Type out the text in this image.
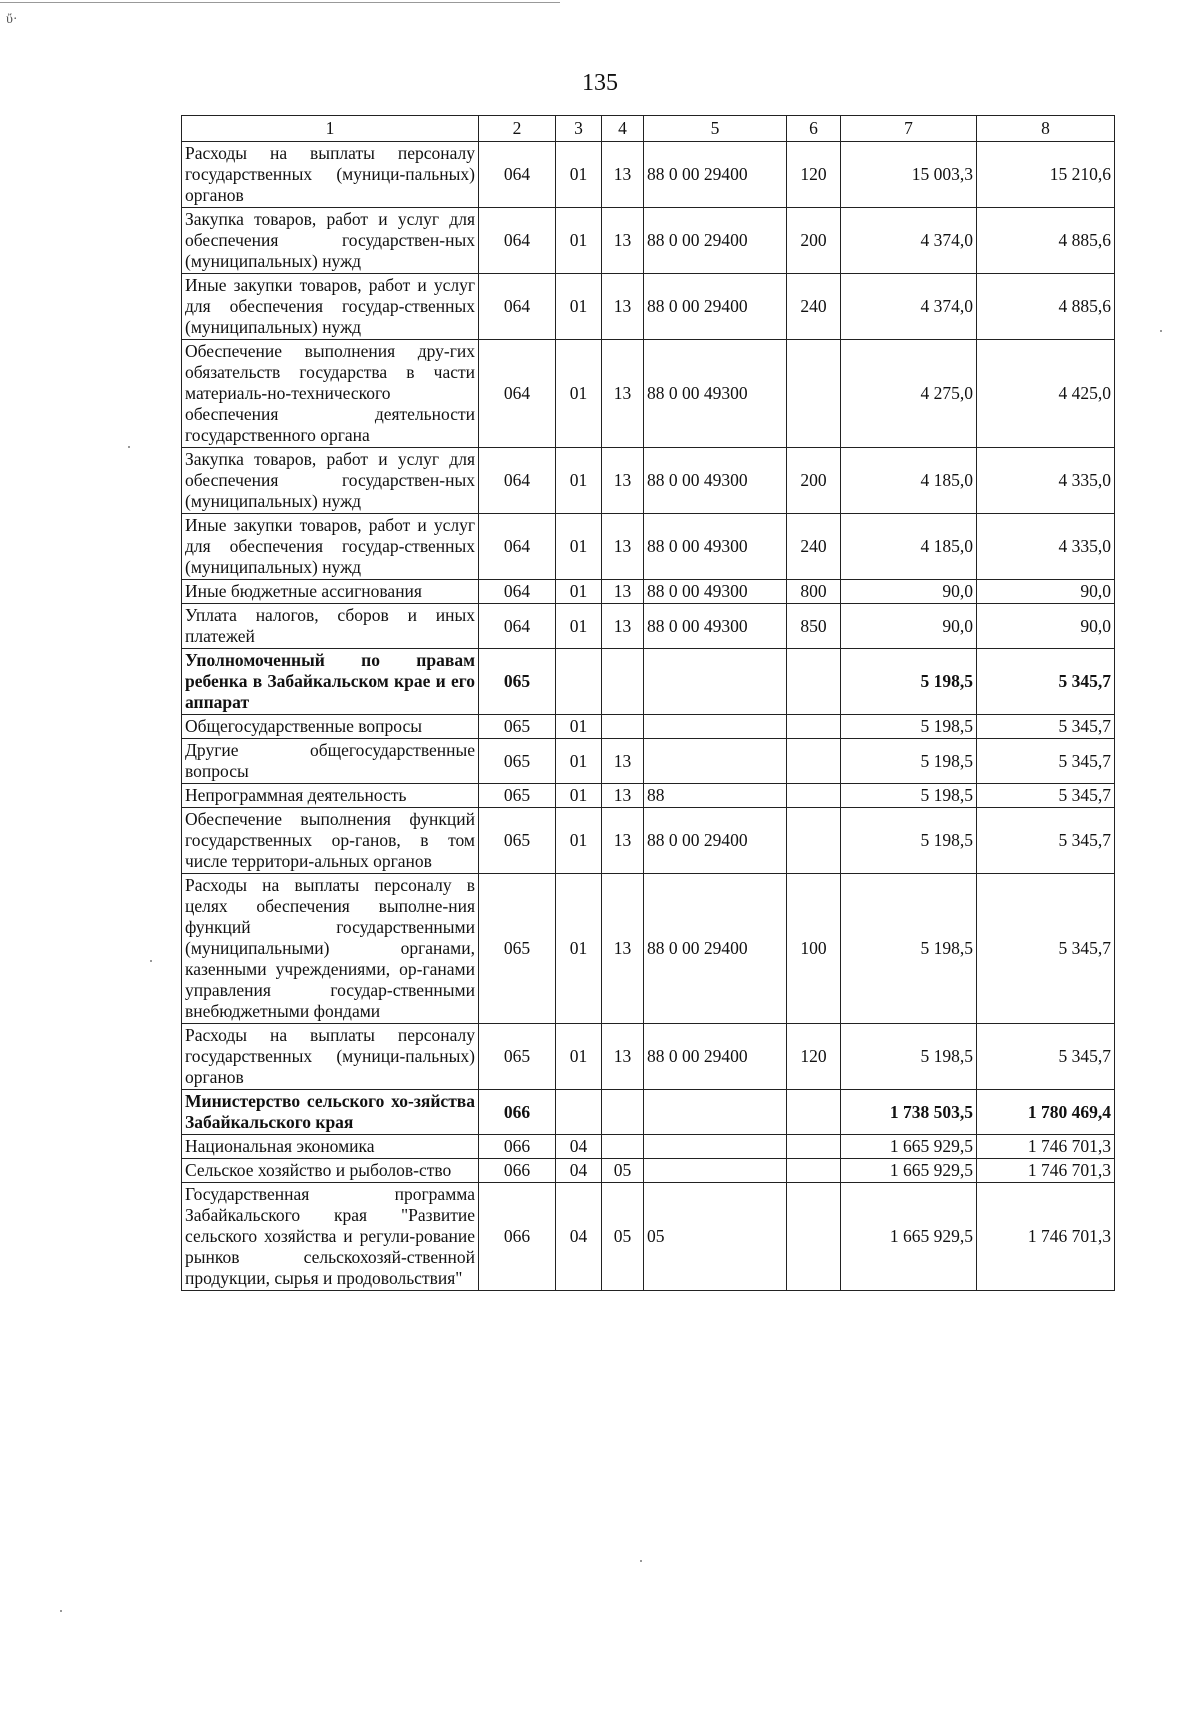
ὔ·
135
1	2	3	4	5	6	7	8
Расходы на выплаты персоналу государственных (муници-пальных) органов	064	01	13	88 0 00 29400	120	15 003,3	15 210,6
Закупка товаров, работ и услуг для обеспечения государствен-ных (муниципальных) нужд	064	01	13	88 0 00 29400	200	4 374,0	4 885,6
Иные закупки товаров, работ и услуг для обеспечения государ-ственных (муниципальных) нужд	064	01	13	88 0 00 29400	240	4 374,0	4 885,6
Обеспечение выполнения дру-гих обязательств государства в части материаль-но-технического обеспечения деятельности государственного органа	064	01	13	88 0 00 49300		4 275,0	4 425,0
Закупка товаров, работ и услуг для обеспечения государствен-ных (муниципальных) нужд	064	01	13	88 0 00 49300	200	4 185,0	4 335,0
Иные закупки товаров, работ и услуг для обеспечения государ-ственных (муниципальных) нужд	064	01	13	88 0 00 49300	240	4 185,0	4 335,0
Иные бюджетные ассигнования	064	01	13	88 0 00 49300	800	90,0	90,0
Уплата налогов, сборов и иных платежей	064	01	13	88 0 00 49300	850	90,0	90,0
Уполномоченный по правам ребенка в Забайкальском крае и его аппарат	065					5 198,5	5 345,7
Общегосударственные вопросы	065	01				5 198,5	5 345,7
Другие общегосударственные вопросы	065	01	13			5 198,5	5 345,7
Непрограммная деятельность	065	01	13	88		5 198,5	5 345,7
Обеспечение выполнения функций государственных ор-ганов, в том числе территори-альных органов	065	01	13	88 0 00 29400		5 198,5	5 345,7
Расходы на выплаты персоналу в целях обеспечения выполне-ния функций государственными (муниципальными) органами, казенными учреждениями, ор-ганами управления государ-ственными внебюджетными фондами	065	01	13	88 0 00 29400	100	5 198,5	5 345,7
Расходы на выплаты персоналу государственных (муници-пальных) органов	065	01	13	88 0 00 29400	120	5 198,5	5 345,7
Министерство сельского хо-зяйства Забайкальского края	066					1 738 503,5	1 780 469,4
Национальная экономика	066	04				1 665 929,5	1 746 701,3
Сельское хозяйство и рыболов-ство	066	04	05			1 665 929,5	1 746 701,3
Государственная программа Забайкальского края "Развитие сельского хозяйства и регули-рование рынков сельскохозяй-ственной продукции, сырья и продовольствия"	066	04	05	05		1 665 929,5	1 746 701,3
